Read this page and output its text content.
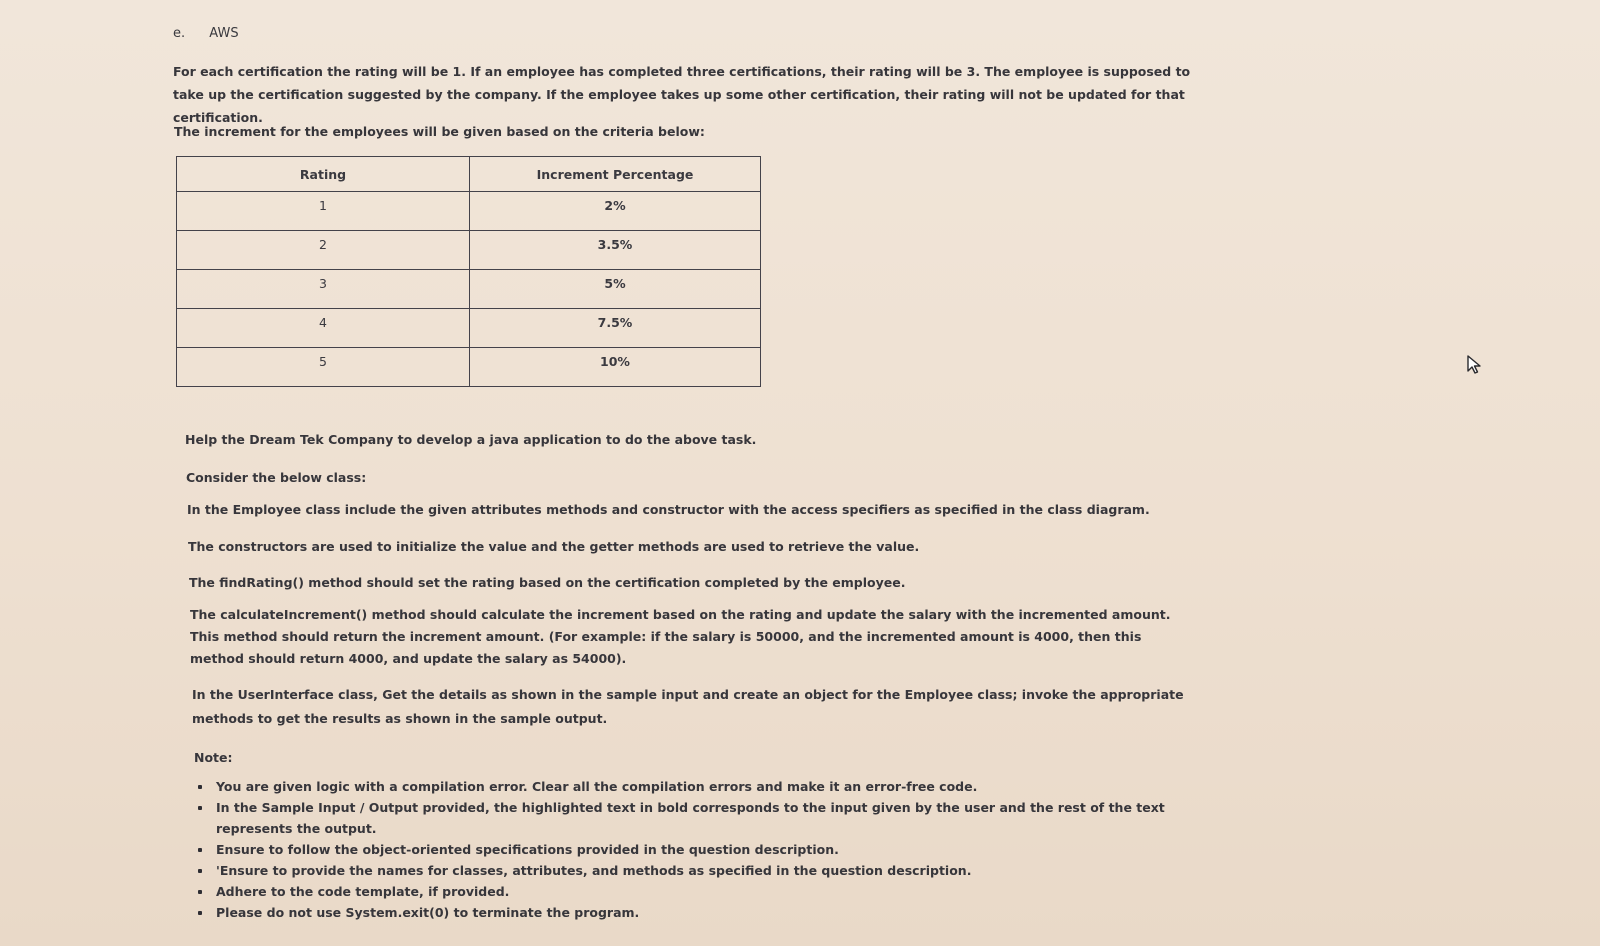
e. AWS

For each certification the rating will be 1. If an employee has completed three certifications, their rating will be 3. The employee is supposed to take up the certification suggested by the company. If the employee takes up some other certification, their rating will not be updated for that certification.

The increment for the employees will be given based on the criteria below:

Rating	Increment Percentage
1	2%
2	3.5%
3	5%
4	7.5%
5	10%

Help the Dream Tek Company to develop a java application to do the above task.

Consider the below class:

In the Employee class include the given attributes methods and constructor with the access specifiers as specified in the class diagram.

The constructors are used to initialize the value and the getter methods are used to retrieve the value.

The findRating() method should set the rating based on the certification completed by the employee.

The calculateIncrement() method should calculate the increment based on the rating and update the salary with the incremented amount. This method should return the increment amount. (For example: if the salary is 50000, and the incremented amount is 4000, then this method should return 4000, and update the salary as 54000).

In the UserInterface class, Get the details as shown in the sample input and create an object for the Employee class; invoke the appropriate methods to get the results as shown in the sample output.

Note:

You are given logic with a compilation error. Clear all the compilation errors and make it an error-free code.
In the Sample Input / Output provided, the highlighted text in bold corresponds to the input given by the user and the rest of the text represents the output.
Ensure to follow the object-oriented specifications provided in the question description.
'Ensure to provide the names for classes, attributes, and methods as specified in the question description.
Adhere to the code template, if provided.
Please do not use System.exit(0) to terminate the program.
